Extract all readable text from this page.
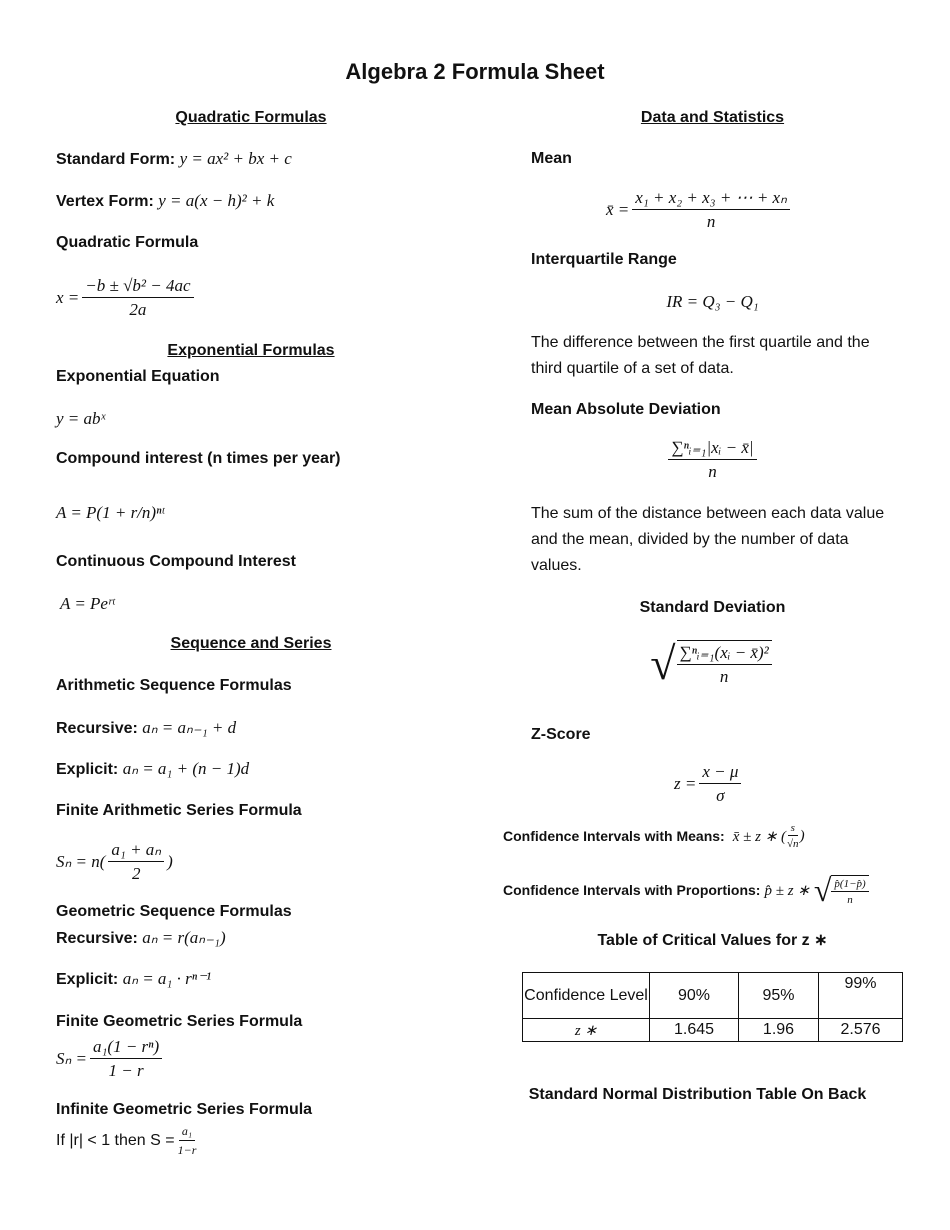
Algebra 2 Formula Sheet
Quadratic Formulas
Standard Form: y = ax² + bx + c
Vertex Form: y = a(x − h)² + k
Quadratic Formula
$x = \frac{\text{−b ± √b² − 4ac}}{2a}$
Exponential Formulas
Exponential Equation
y = abˣ
Compound interest (n times per year)
A = P(1 + r/n)ⁿᵗ
Continuous Compound Interest
A = Peʳᵗ
Sequence and Series
Arithmetic Sequence Formulas
Recursive: aₙ = aₙ₋₁ + d
Explicit: aₙ = a₁ + (n − 1)d
Finite Arithmetic Series Formula
$S_n = n( \frac{\text{a₁ + aₙ}}{2}$ )
Geometric Sequence Formulas
Recursive: aₙ = r(aₙ₋₁)
Explicit: aₙ = a₁ · rⁿ⁻¹
Finite Geometric Series Formula
$S_n = \frac{\text{a₁(1 − rⁿ)}}{1 - r}$
Infinite Geometric Series Formula
If |r| < 1 then $S = \frac{\text{a₁}}{1-r}$
Data and Statistics
Mean
x̄ = $\frac{\text{x₁ + x₂ + x₃ + ⋯ + xₙ}}{n}$
Interquartile Range
IR = Q₃ − Q₁
The difference between the first quartile and the third quartile of a set of data.
Mean Absolute Deviation
$\frac{\text{∑ⁿᵢ₌₁|xᵢ − x̄|}}{n}$
The sum of the distance between each data value and the mean, divided by the number of data values.
Standard Deviation
√ $\frac{\text{∑ⁿᵢ₌₁(xᵢ − x̄)²}}{n}$
Z-Score
$z = \frac{x - \mu}{\sigma}$
Confidence Intervals with Means: x̄ ± z ∗ ( $\frac{s}{√n}$ )
Confidence Intervals with Proportions: p̂ ± z ∗ √ $\frac{p̂(1-p̂)}{n}$
Table of Critical Values for z ∗
Confidence Level	90%	95%	99%
z ∗	1.645	1.96	2.576
Standard Normal Distribution Table On Back
